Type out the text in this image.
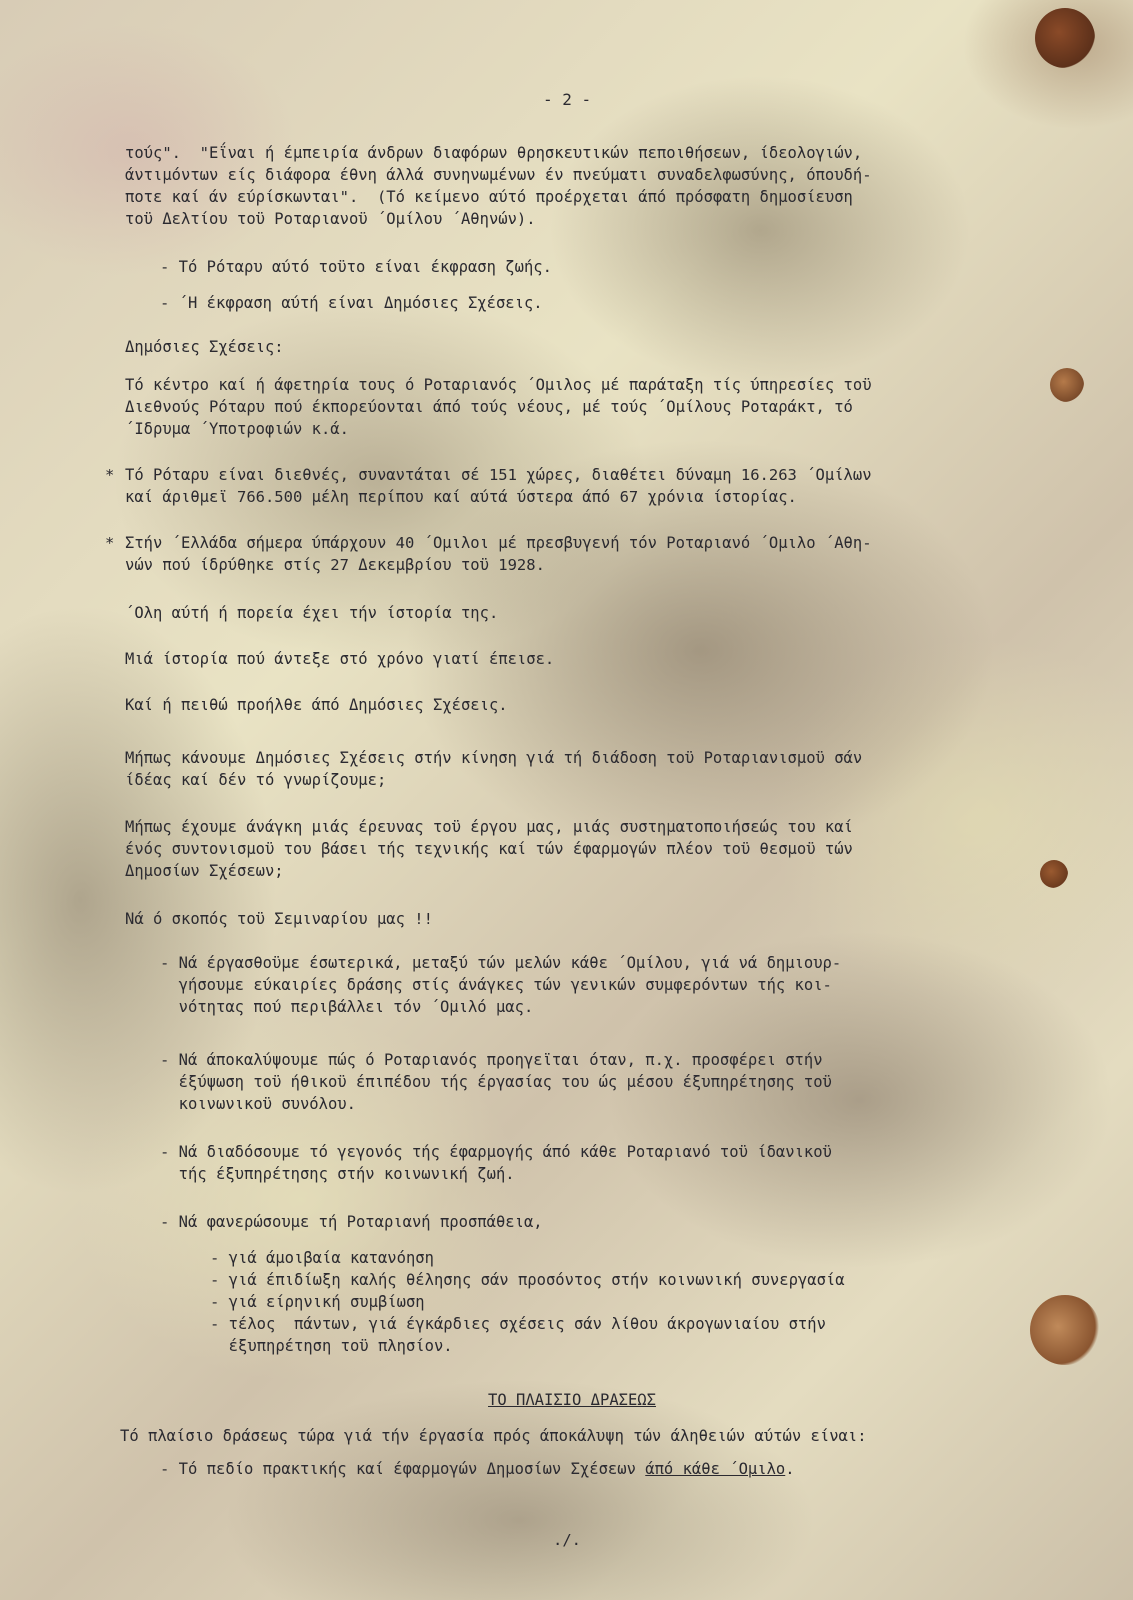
- 2 -
τούς".  "Εΐναι ή έμπειρία άνδρων διαφόρων θρησκευτικών πεποιθήσεων, ίδεολογιών,
άντιμόντων είς διάφορα έθνη άλλά συνηνωμένων έν πνεύματι συναδελφωσύνης, όπουδή-
ποτε καί άν εύρίσκωνται".  (Τό κείμενο αύτό προέρχεται άπό πρόσφατη δημοσίευση
τοϋ Δελτίου τοϋ Ροταριανοϋ ΄Ομίλου ΄Αθηνών).
- Τό Ρόταρυ αύτό τοϋτο είναι έκφραση ζωής.
- ΄Η έκφραση αύτή είναι Δημόσιες Σχέσεις.
Δημόσιες Σχέσεις:
Τό κέντρο καί ή άφετηρία τους ό Ροταριανός ΄Ομιλος μέ παράταξη τίς ύπηρεσίες τοϋ
Διεθνούς Ρόταρυ πού έκπορεύονται άπό τούς νέους, μέ τούς ΄Ομίλους Ροταράκτ, τό
΄Ιδρυμα ΄Υποτροφιών κ.ά.
* Τό Ρόταρυ είναι διεθνές, συναντάται σέ 151 χώρες, διαθέτει δύναμη 16.263 ΄Ομίλων
καί άριθμεϊ 766.500 μέλη περίπου καί αύτά ύστερα άπό 67 χρόνια ίστορίας.
* Στήν ΄Ελλάδα σήμερα ύπάρχουν 40 ΄Ομιλοι μέ πρεσβυγενή τόν Ροταριανό ΄Ομιλο ΄Αθη-
νών πού ίδρύθηκε στίς 27 Δεκεμβρίου τοϋ 1928.
΄Ολη αύτή ή πορεία έχει τήν ίστορία της.
Μιά ίστορία πού άντεξε στό χρόνο γιατί έπεισε.
Καί ή πειθώ προήλθε άπό Δημόσιες Σχέσεις.
Μήπως κάνουμε Δημόσιες Σχέσεις στήν κίνηση γιά τή διάδοση τοϋ Ροταριανισμοϋ σάν
ίδέας καί δέν τό γνωρίζουμε;
Μήπως έχουμε άνάγκη μιάς έρευνας τοϋ έργου μας, μιάς συστηματοποιήσεώς του καί
ένός συντονισμοϋ του βάσει τής τεχνικής καί τών έφαρμογών πλέον τοϋ θεσμοϋ τών
Δημοσίων Σχέσεων;
Νά ό σκοπός τοϋ Σεμιναρίου μας !!
- Νά έργασθοϋμε έσωτερικά, μεταξύ τών μελών κάθε ΄Ομίλου, γιά νά δημιουρ-
γήσουμε εύκαιρίες δράσης στίς άνάγκες τών γενικών συμφερόντων τής κοι-
νότητας πού περιβάλλει τόν ΄Ομιλό μας.
- Νά άποκαλύψουμε πώς ό Ροταριανός προηγεϊται όταν, π.χ. προσφέρει στήν
έξύψωση τοϋ ήθικοϋ έπιπέδου τής έργασίας του ώς μέσου έξυπηρέτησης τοϋ
κοινωνικοϋ συνόλου.
- Νά διαδόσουμε τό γεγονός τής έφαρμογής άπό κάθε Ροταριανό τοϋ ίδανικοϋ
τής έξυπηρέτησης στήν κοινωνική ζωή.
- Νά φανερώσουμε τή Ροταριανή προσπάθεια,
- γιά άμοιβαία κατανόηση
- γιά έπιδίωξη καλής θέλησης σάν προσόντος στήν κοινωνική συνεργασία
- γιά είρηνική συμβίωση
- τέλος  πάντων, γιά έγκάρδιες σχέσεις σάν λίθου άκρογωνιαίου στήν
έξυπηρέτηση τοϋ πλησίον.
ΤΟ ΠΛΑΙΣΙΟ ΔΡΑΣΕΩΣ
Τό πλαίσιο δράσεως τώρα γιά τήν έργασία πρός άποκάλυψη τών άληθειών αύτών είναι:
- Τό πεδίο πρακτικής καί έφαρμογών Δημοσίων Σχέσεων άπό κάθε ΄Ομιλο.
./.
